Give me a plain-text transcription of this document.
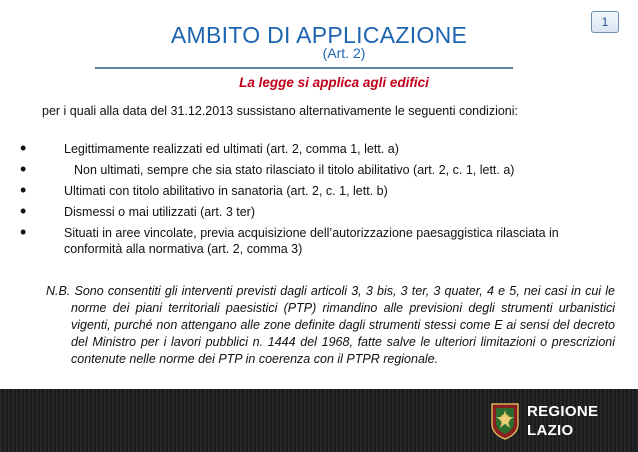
1
AMBITO DI APPLICAZIONE
(Art. 2)
La legge si applica agli edifici
per i quali alla data del 31.12.2013 sussistano alternativamente le seguenti condizioni:
•	Legittimamente realizzati ed ultimati (art. 2, comma 1, lett. a)
•	Non ultimati, sempre che sia stato rilasciato il titolo abilitativo (art. 2, c. 1, lett. a)
•	Ultimati con titolo abilitativo in sanatoria (art. 2, c. 1, lett. b)
•	Dismessi o mai utilizzati (art. 3 ter)
•	Situati in aree vincolate, previa acquisizione dell’autorizzazione paesaggistica rilasciata in conformità alla normativa (art. 2, comma 3)
N.B. Sono consentiti gli interventi previsti dagli articoli 3, 3 bis, 3 ter, 3 quater, 4 e 5, nei casi in cui le norme dei piani territoriali paesistici (PTP) rimandino alle previsioni degli strumenti urbanistici vigenti, purché non attengano alle zone definite dagli strumenti stessi come E ai sensi del decreto del Ministro per i lavori pubblici n. 1444 del 1968, fatte salve le ulteriori limitazioni o prescrizioni contenute nelle norme dei PTP in coerenza con il PTPR regionale.
REGIONE
LAZIO
